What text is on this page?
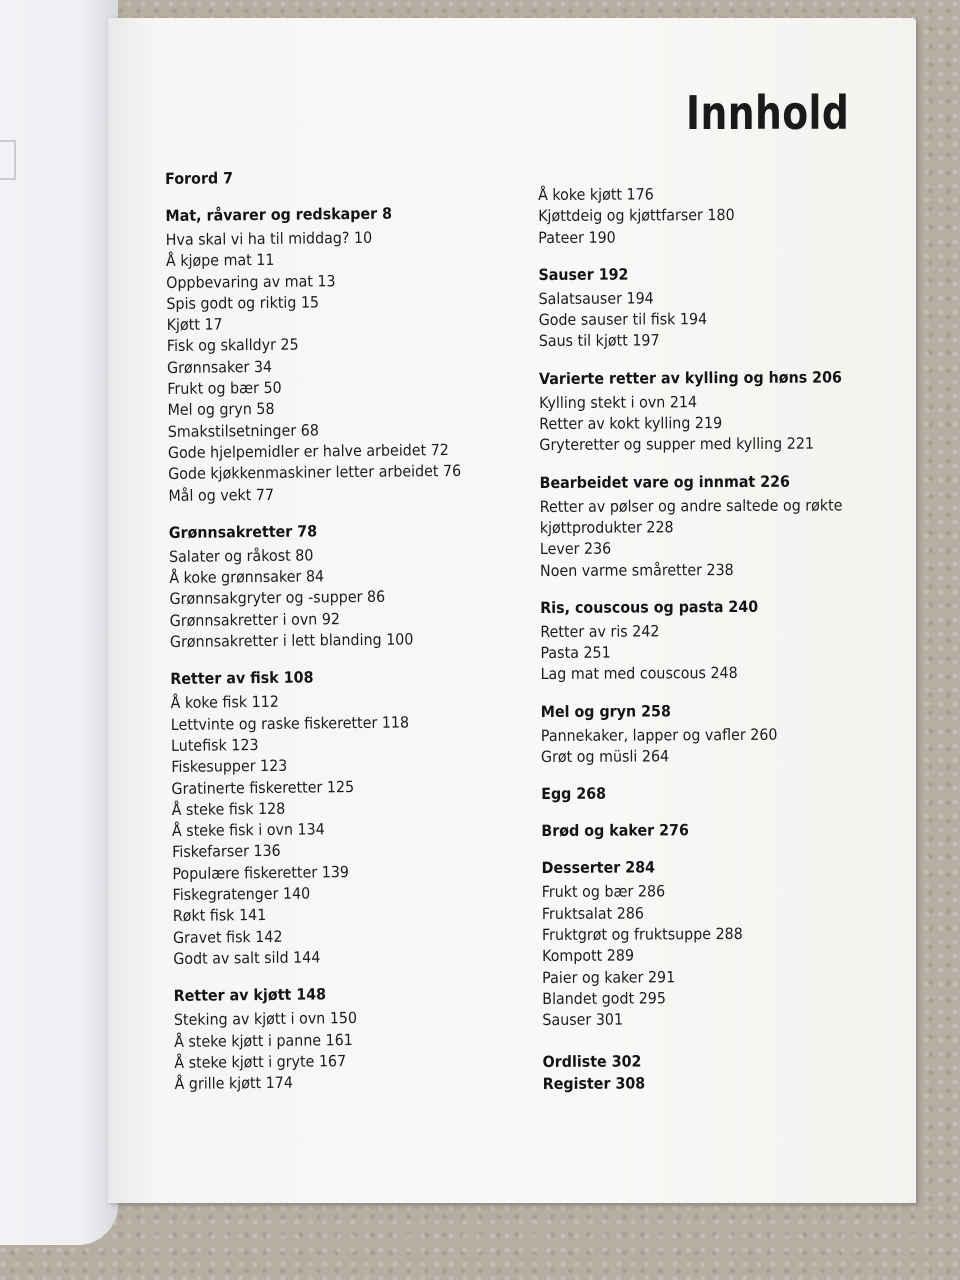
Innhold
Forord 7
Mat, råvarer og redskaper 8
Hva skal vi ha til middag? 10
Å kjøpe mat 11
Oppbevaring av mat 13
Spis godt og riktig 15
Kjøtt 17
Fisk og skalldyr 25
Grønnsaker 34
Frukt og bær 50
Mel og gryn 58
Smakstilsetninger 68
Gode hjelpemidler er halve arbeidet 72
Gode kjøkkenmaskiner letter arbeidet 76
Mål og vekt 77
Grønnsakretter 78
Salater og råkost 80
Å koke grønnsaker 84
Grønnsakgryter og -supper 86
Grønnsakretter i ovn 92
Grønnsakretter i lett blanding 100
Retter av fisk 108
Å koke fisk 112
Lettvinte og raske fiskeretter 118
Lutefisk 123
Fiskesupper 123
Gratinerte fiskeretter 125
Å steke fisk 128
Å steke fisk i ovn 134
Fiskefarser 136
Populære fiskeretter 139
Fiskegratenger 140
Røkt fisk 141
Gravet fisk 142
Godt av salt sild 144
Retter av kjøtt 148
Steking av kjøtt i ovn 150
Å steke kjøtt i panne 161
Å steke kjøtt i gryte 167
Å grille kjøtt 174
Å koke kjøtt 176
Kjøttdeig og kjøttfarser 180
Pateer 190
Sauser 192
Salatsauser 194
Gode sauser til fisk 194
Saus til kjøtt 197
Varierte retter av kylling og høns 206
Kylling stekt i ovn 214
Retter av kokt kylling 219
Gryteretter og supper med kylling 221
Bearbeidet vare og innmat 226
Retter av pølser og andre saltede og røkte
kjøttprodukter 228
Lever 236
Noen varme småretter 238
Ris, couscous og pasta 240
Retter av ris 242
Pasta 251
Lag mat med couscous 248
Mel og gryn 258
Pannekaker, lapper og vafler 260
Grøt og müsli 264
Egg 268
Brød og kaker 276
Desserter 284
Frukt og bær 286
Fruktsalat 286
Fruktgrøt og fruktsuppe 288
Kompott 289
Paier og kaker 291
Blandet godt 295
Sauser 301
Ordliste 302
Register 308
